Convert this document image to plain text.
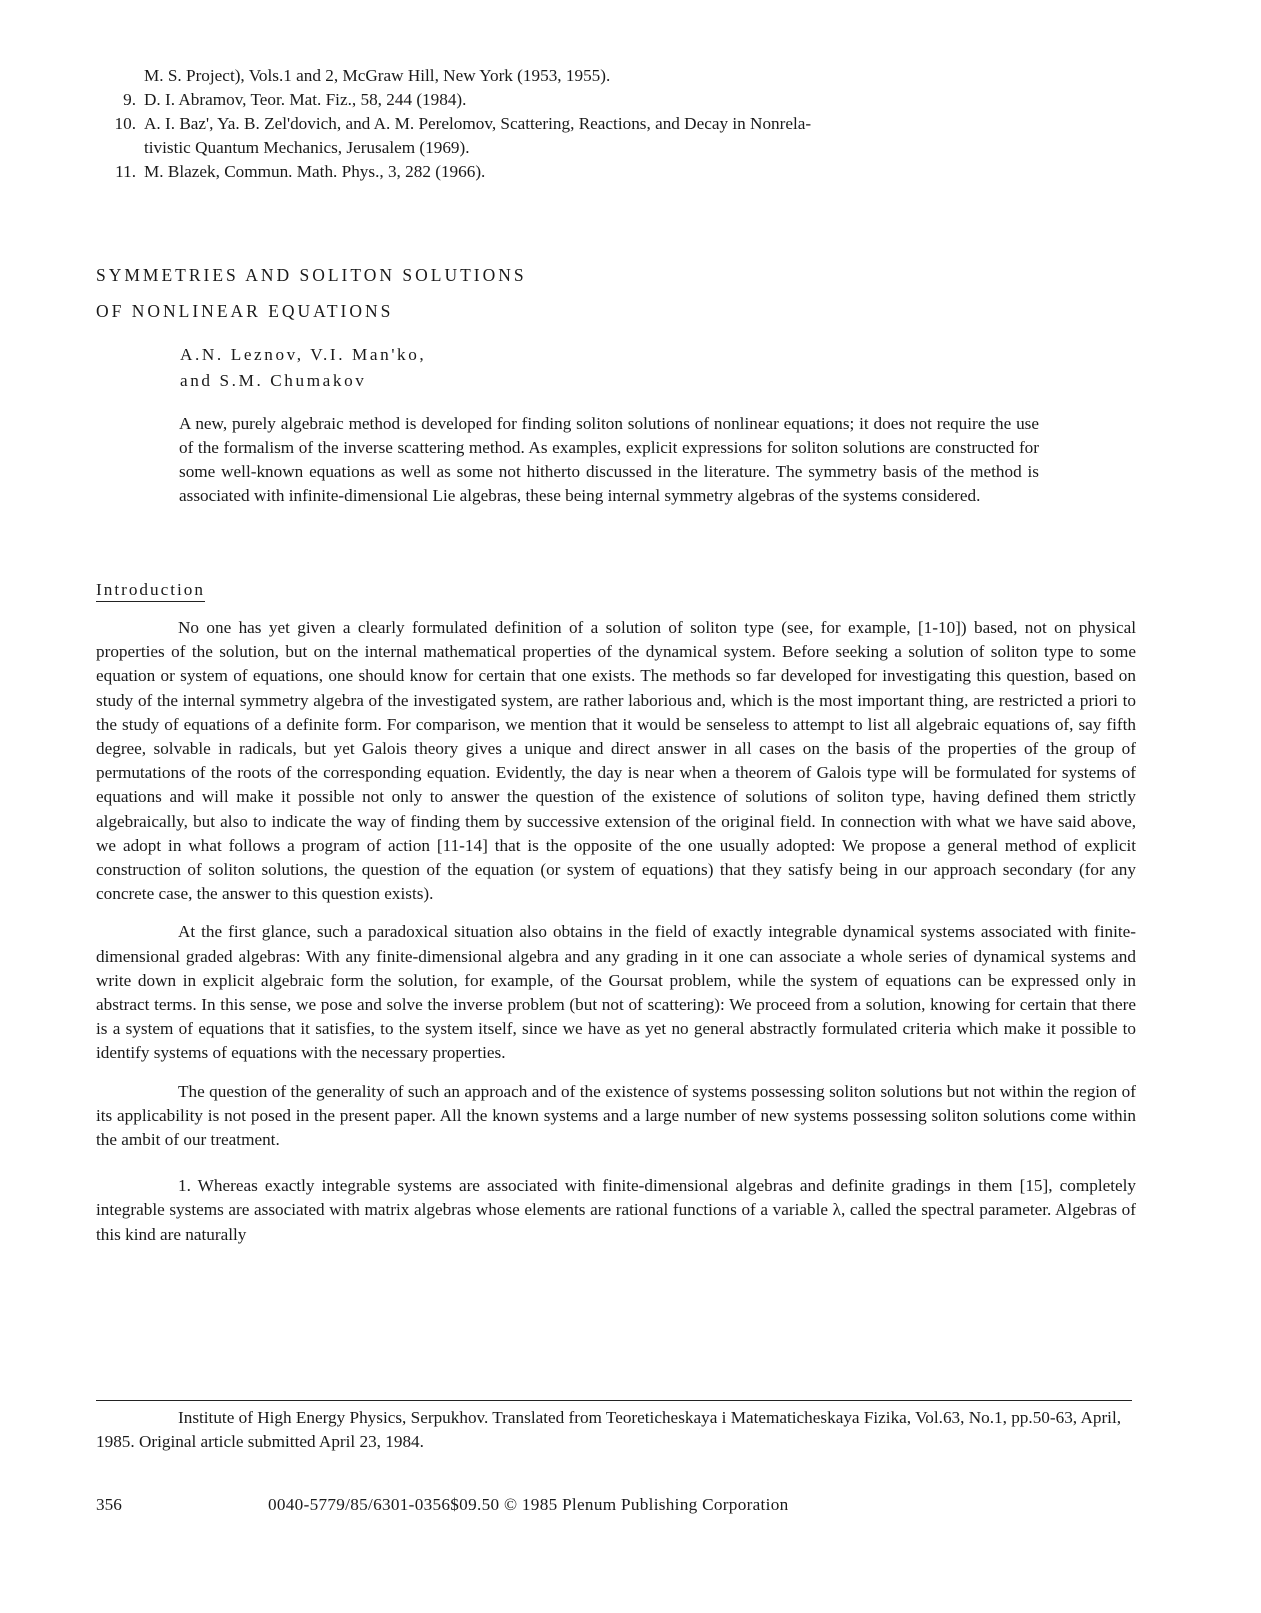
M. S. Project), Vols.1 and 2, McGraw Hill, New York (1953, 1955).
9. D. I. Abramov, Teor. Mat. Fiz., 58, 244 (1984).
10. A. I. Baz', Ya. B. Zel'dovich, and A. M. Perelomov, Scattering, Reactions, and Decay in Nonrela-
tivistic Quantum Mechanics, Jerusalem (1969).
11. M. Blazek, Commun. Math. Phys., 3, 282 (1966).
SYMMETRIES AND SOLITON SOLUTIONS
OF NONLINEAR EQUATIONS
A.N. Leznov, V.I. Man'ko,
and S.M. Chumakov
A new, purely algebraic method is developed for finding soliton solutions of nonlinear equations; it does not require the use of the formalism of the inverse scattering method. As examples, explicit expressions for soliton solutions are constructed for some well-known equations as well as some not hitherto discussed in the literature. The symmetry basis of the method is associated with infinite-dimensional Lie algebras, these being internal symmetry algebras of the systems considered.
Introduction

No one has yet given a clearly formulated definition of a solution of soliton type (see, for example, [1-10]) based, not on physical properties of the solution, but on the internal mathematical properties of the dynamical system. Before seeking a solution of soliton type to some equation or system of equations, one should know for certain that one exists. The methods so far developed for investigating this question, based on study of the internal symmetry algebra of the investigated system, are rather laborious and, which is the most important thing, are restricted a priori to the study of equations of a definite form. For comparison, we mention that it would be senseless to attempt to list all algebraic equations of, say fifth degree, solvable in radicals, but yet Galois theory gives a unique and direct answer in all cases on the basis of the properties of the group of permutations of the roots of the corresponding equation. Evidently, the day is near when a theorem of Galois type will be formulated for systems of equations and will make it possible not only to answer the question of the existence of solutions of soliton type, having defined them strictly algebraically, but also to indicate the way of finding them by successive extension of the original field. In connection with what we have said above, we adopt in what follows a program of action [11-14] that is the opposite of the one usually adopted: We propose a general method of explicit construction of soliton solutions, the question of the equation (or system of equations) that they satisfy being in our approach secondary (for any concrete case, the answer to this question exists).

At the first glance, such a paradoxical situation also obtains in the field of exactly integrable dynamical systems associated with finite-dimensional graded algebras: With any finite-dimensional algebra and any grading in it one can associate a whole series of dynamical systems and write down in explicit algebraic form the solution, for example, of the Goursat problem, while the system of equations can be expressed only in abstract terms. In this sense, we pose and solve the inverse problem (but not of scattering): We proceed from a solution, knowing for certain that there is a system of equations that it satisfies, to the system itself, since we have as yet no general abstractly formulated criteria which make it possible to identify systems of equations with the necessary properties.

The question of the generality of such an approach and of the existence of systems possessing soliton solutions but not within the region of its applicability is not posed in the present paper. All the known systems and a large number of new systems possessing soliton solutions come within the ambit of our treatment.

1. Whereas exactly integrable systems are associated with finite-dimensional algebras and definite gradings in them [15], completely integrable systems are associated with matrix algebras whose elements are rational functions of a variable λ, called the spectral parameter. Algebras of this kind are naturally

Institute of High Energy Physics, Serpukhov. Translated from Teoreticheskaya i Matematicheskaya Fizika, Vol.63, No.1, pp.50-63, April, 1985. Original article submitted April 23, 1984.

356	0040-5779/85/6301-0356$09.50 © 1985 Plenum Publishing Corporation
